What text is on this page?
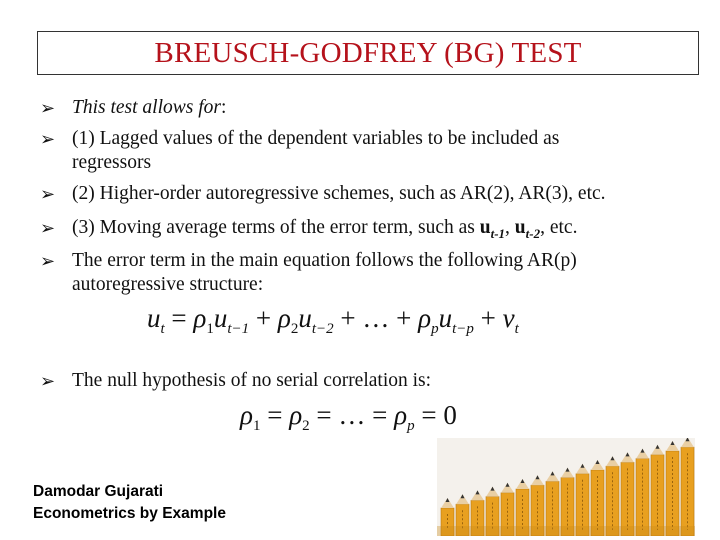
BREUSCH-GODFREY (BG) TEST
➢ This test allows for:
➢ (1) Lagged values of the dependent variables to be included as
regressors
➢ (2) Higher-order autoregressive schemes, such as AR(2), AR(3), etc.
➢ (3) Moving average terms of the error term, such as $u_{t-1}$, $u_{t-2}$, etc.
➢ The error term in the main equation follows the following AR(p)
autoregressive structure:
➢ The null hypothesis of no serial correlation is:
$u_t = \rho_1u_{t-1} + \rho_2u_{t-2}$ + … + $\rho_pu_{t-p} + v_t$
$\rho_1 = \rho_2$ = … = $\rho_p = 0$
Damodar Gujarati
Econometrics by Example
